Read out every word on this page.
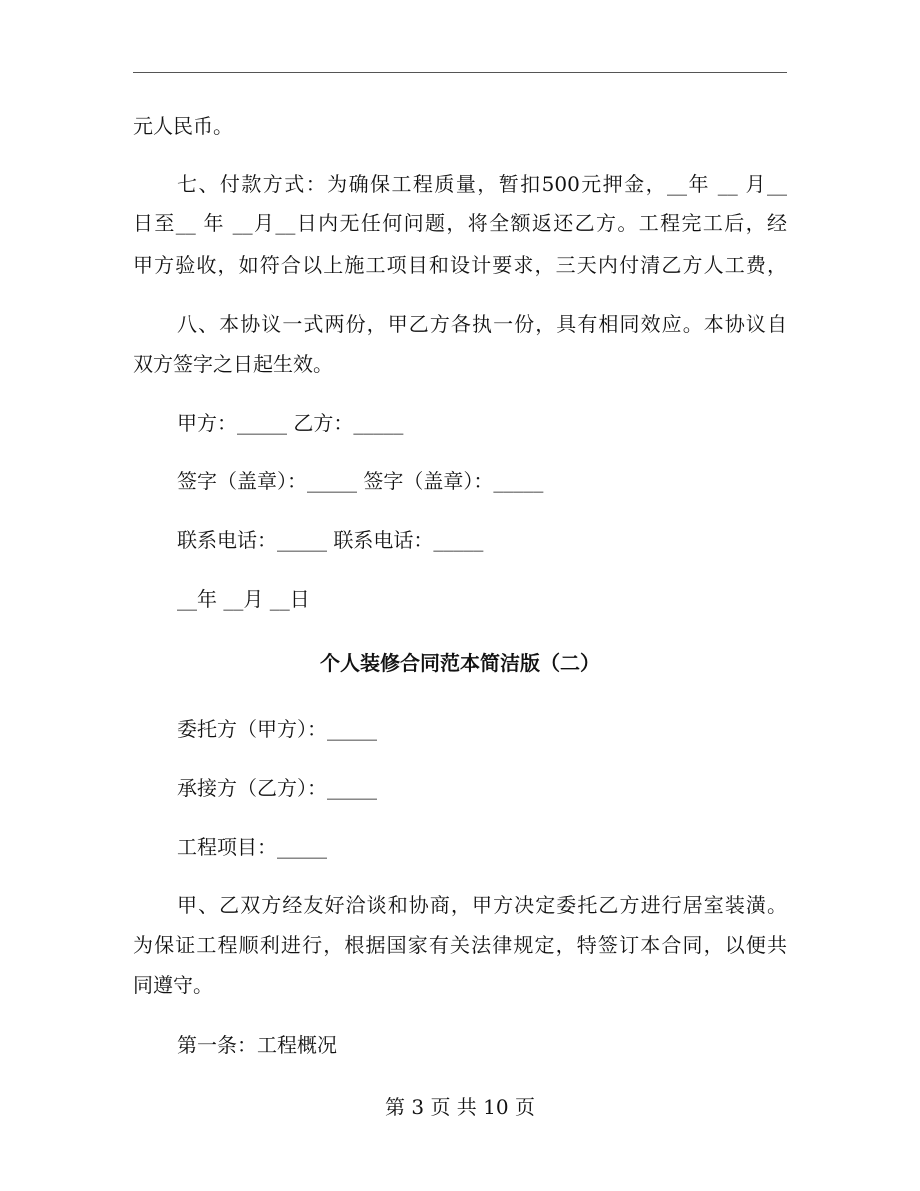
元人民币。
七、付款方式：为确保工程质量，暂扣500元押金，__年 __ 月__
日至__ 年 __月__日内无任何问题，将全额返还乙方。工程完工后，经
甲方验收，如符合以上施工项目和设计要求，三天内付清乙方人工费，
八、本协议一式两份，甲乙方各执一份，具有相同效应。本协议自
双方签字之日起生效。
甲方：_____ 乙方：_____
签字（盖章）：_____ 签字（盖章）：_____
联系电话：_____ 联系电话：_____
__年 __月 __日
个人装修合同范本简洁版（二）
委托方（甲方）：_____
承接方（乙方）：_____
工程项目：_____
甲、乙双方经友好洽谈和协商，甲方决定委托乙方进行居室装潢。
为保证工程顺利进行，根据国家有关法律规定，特签订本合同，以便共
同遵守。
第一条：工程概况
第 3 页 共 10 页
